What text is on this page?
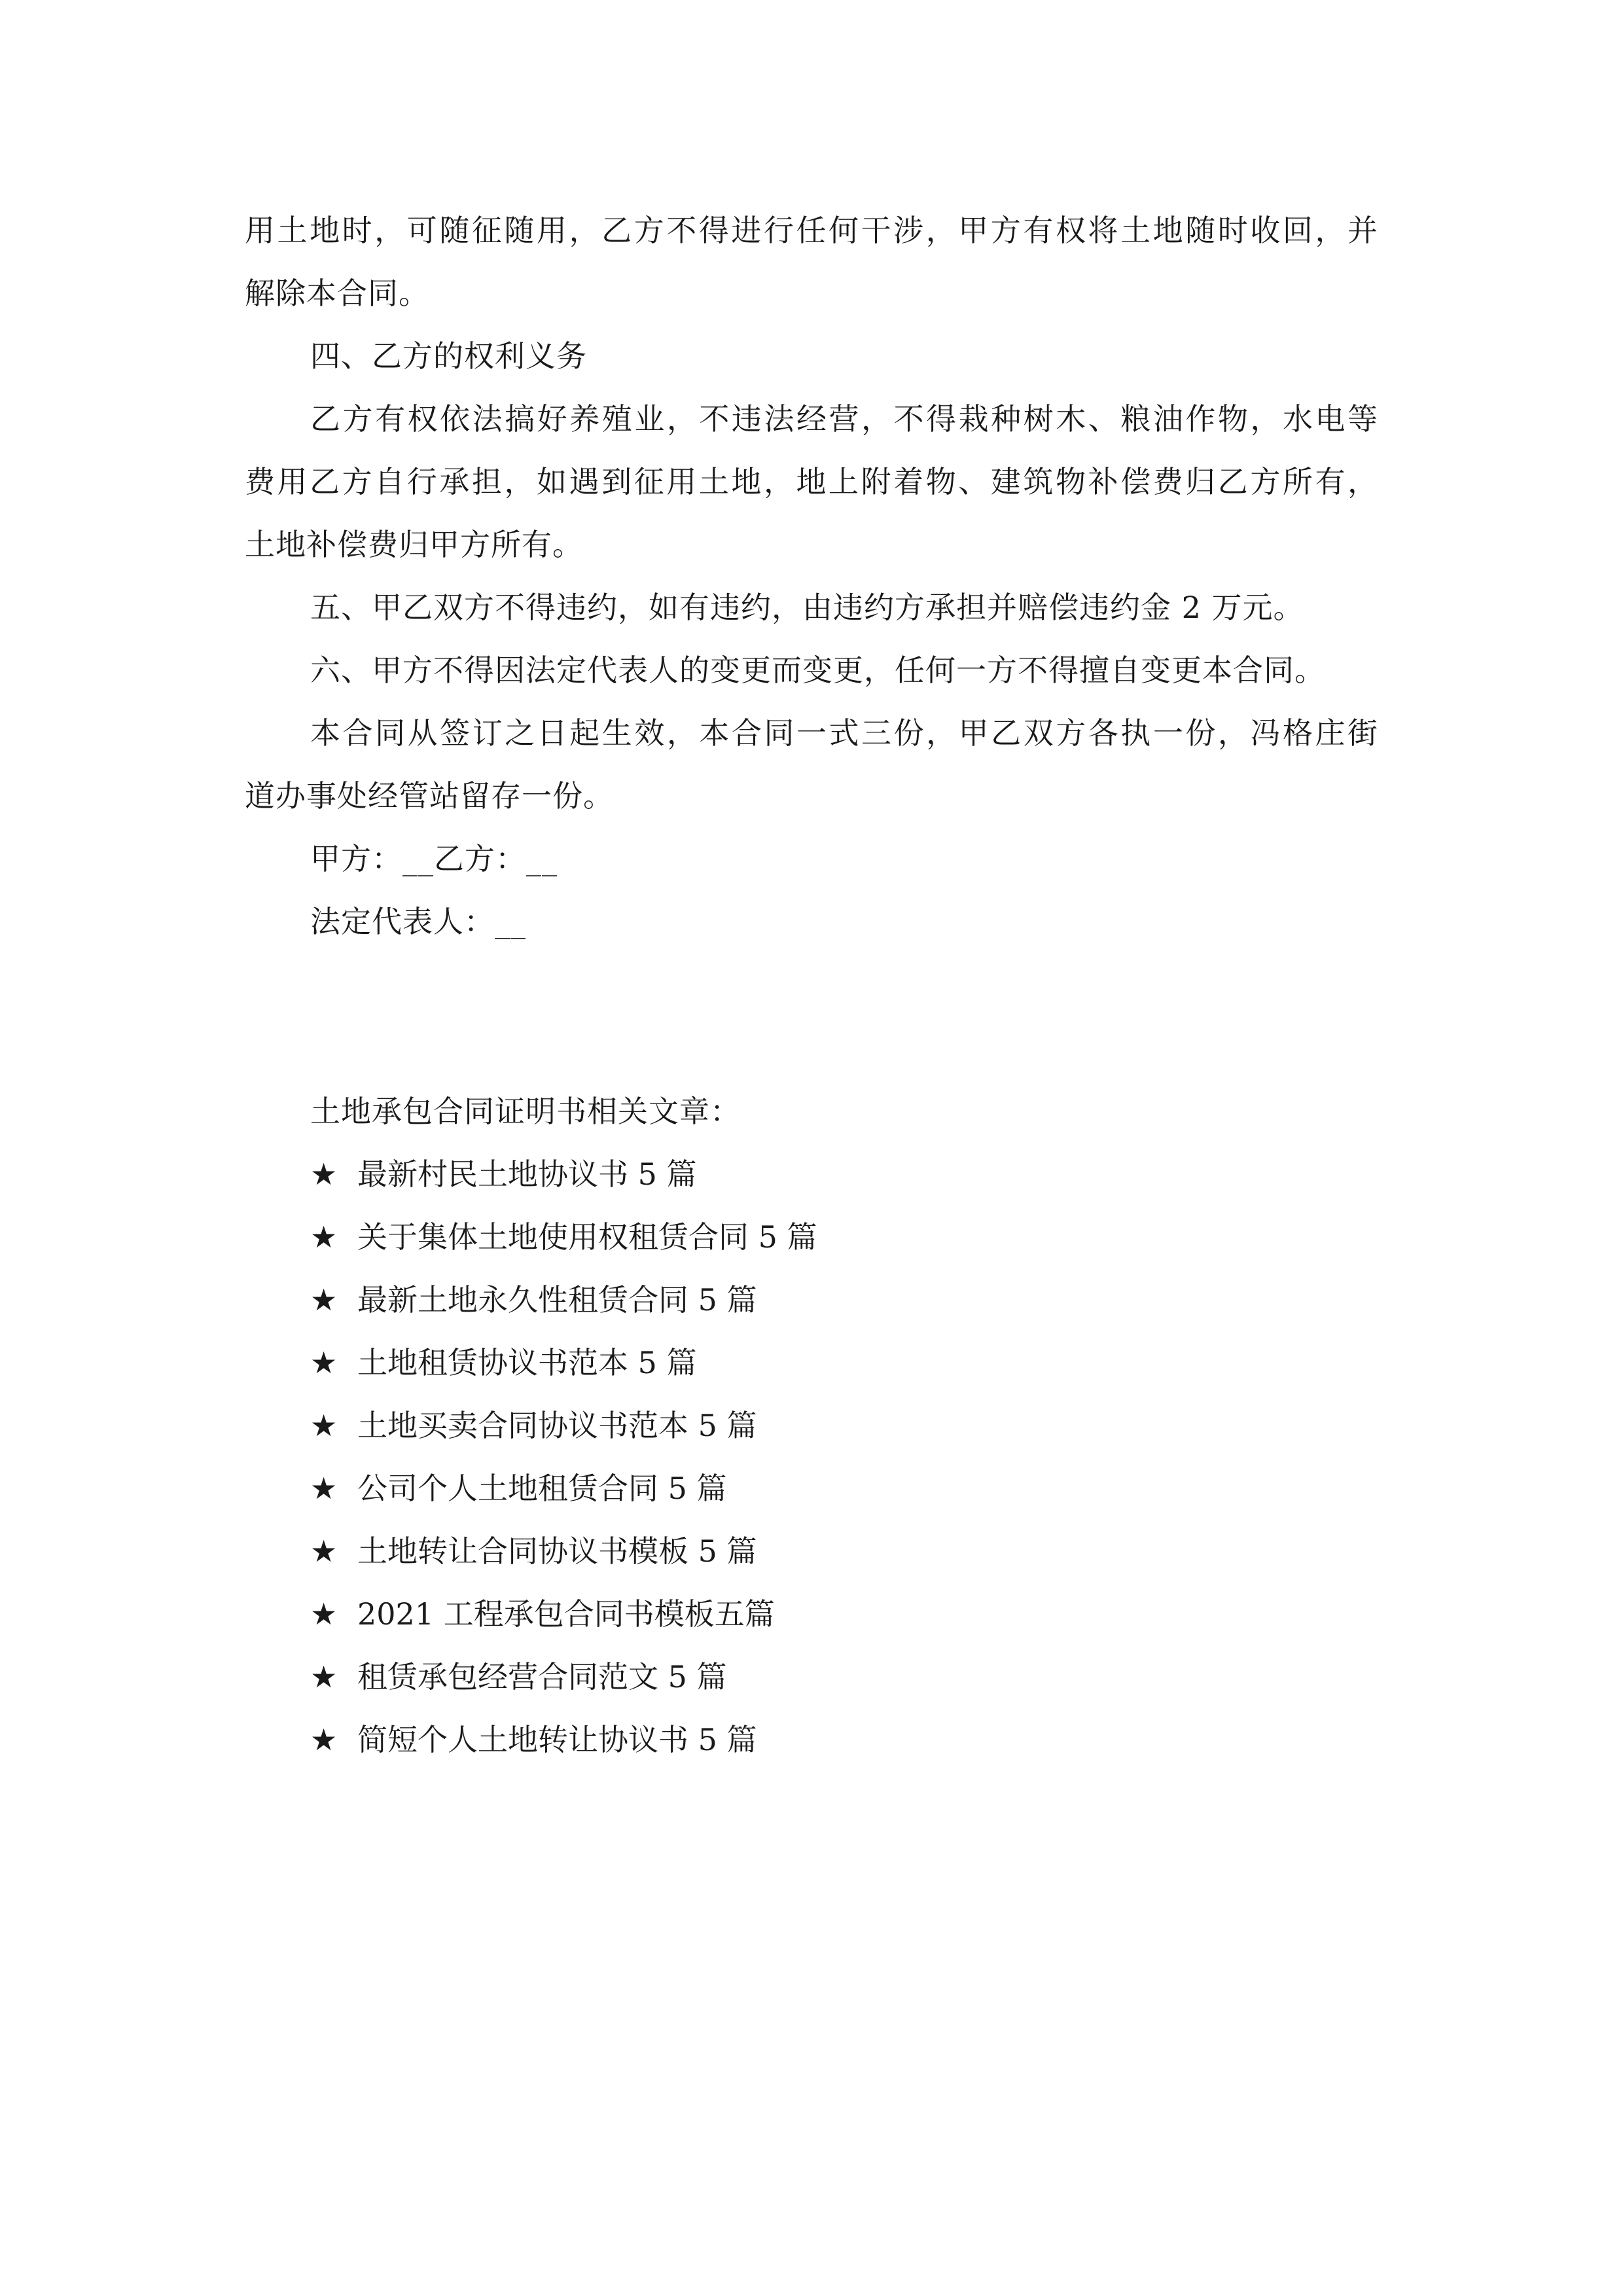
用土地时，可随征随用，乙方不得进行任何干涉，甲方有权将土地随时收回，并
解除本合同。
四、乙方的权利义务
乙方有权依法搞好养殖业，不违法经营，不得栽种树木、粮油作物，水电等
费用乙方自行承担，如遇到征用土地，地上附着物、建筑物补偿费归乙方所有，
土地补偿费归甲方所有。
五、甲乙双方不得违约，如有违约，由违约方承担并赔偿违约金 2 万元。
六、甲方不得因法定代表人的变更而变更，任何一方不得擅自变更本合同。
本合同从签订之日起生效，本合同一式三份，甲乙双方各执一份，冯格庄街
道办事处经管站留存一份。
甲方：__乙方：__
法定代表人：__
土地承包合同证明书相关文章：
★ 最新村民土地协议书 5 篇
★ 关于集体土地使用权租赁合同 5 篇
★ 最新土地永久性租赁合同 5 篇
★ 土地租赁协议书范本 5 篇
★ 土地买卖合同协议书范本 5 篇
★ 公司个人土地租赁合同 5 篇
★ 土地转让合同协议书模板 5 篇
★ 2021 工程承包合同书模板五篇
★ 租赁承包经营合同范文 5 篇
★ 简短个人土地转让协议书 5 篇
